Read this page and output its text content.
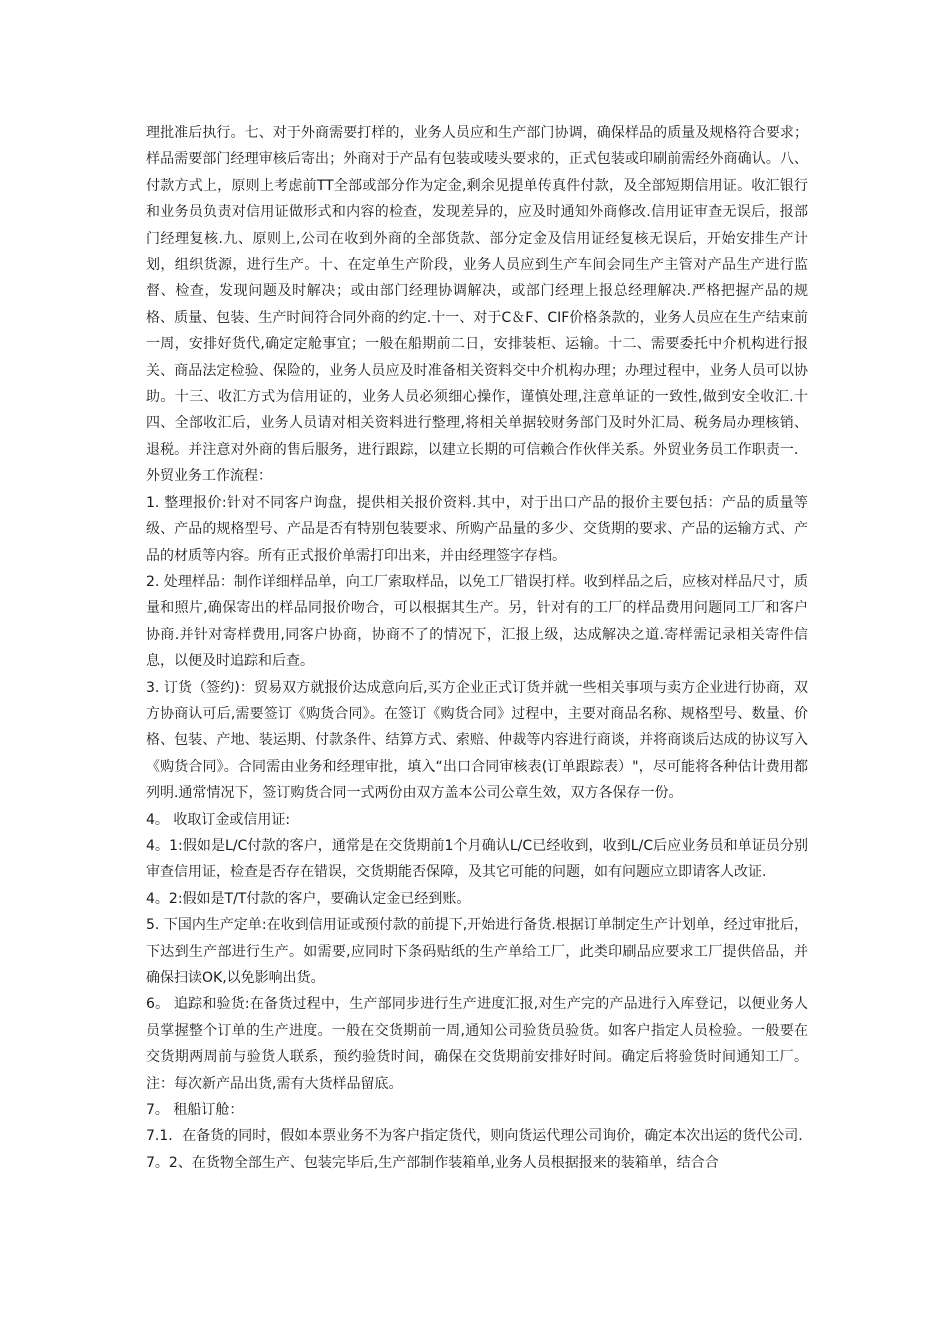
理批准后执行。七、对于外商需要打样的，业务人员应和生产部门协调，确保样品的质量及规格符合要求；样品需要部门经理审核后寄出；外商对于产品有包装或唛头要求的，正式包装或印刷前需经外商确认。八、付款方式上，原则上考虑前TT全部或部分作为定金,剩余见提单传真件付款，及全部短期信用证。收汇银行和业务员负责对信用证做形式和内容的检查，发现差异的，应及时通知外商修改.信用证审查无误后，报部门经理复核.九、原则上,公司在收到外商的全部货款、部分定金及信用证经复核无误后，开始安排生产计划，组织货源，进行生产。十、在定单生产阶段，业务人员应到生产车间会同生产主管对产品生产进行监督、检查，发现问题及时解决；或由部门经理协调解决，或部门经理上报总经理解决.严格把握产品的规格、质量、包装、生产时间符合同外商的约定.十一、对于C＆F、CIF价格条款的，业务人员应在生产结束前一周，安排好货代,确定定舱事宜；一般在船期前二日，安排装柜、运输。十二、需要委托中介机构进行报关、商品法定检验、保险的，业务人员应及时准备相关资料交中介机构办理；办理过程中，业务人员可以协助。十三、收汇方式为信用证的，业务人员必须细心操作，谨慎处理,注意单证的一致性,做到安全收汇.十四、全部收汇后，业务人员请对相关资料进行整理,将相关单据较财务部门及时外汇局、税务局办理核销、退税。并注意对外商的售后服务，进行跟踪，以建立长期的可信赖合作伙伴关系。外贸业务员工作职责一．外贸业务工作流程：

1. 整理报价:针对不同客户询盘，提供相关报价资料.其中，对于出口产品的报价主要包括：产品的质量等级、产品的规格型号、产品是否有特别包装要求、所购产品量的多少、交货期的要求、产品的运输方式、产品的材质等内容。所有正式报价单需打印出来，并由经理签字存档。

2. 处理样品：制作详细样品单，向工厂索取样品，以免工厂错误打样。收到样品之后，应核对样品尺寸，质量和照片,确保寄出的样品同报价吻合，可以根据其生产。另，针对有的工厂的样品费用问题同工厂和客户协商.并针对寄样费用,同客户协商，协商不了的情况下，汇报上级，达成解决之道.寄样需记录相关寄件信息，以便及时追踪和后查。

3. 订货（签约)：贸易双方就报价达成意向后,买方企业正式订货并就一些相关事项与卖方企业进行协商，双方协商认可后,需要签订《购货合同》。在签订《购货合同》过程中，主要对商品名称、规格型号、数量、价格、包装、产地、装运期、付款条件、结算方式、索赔、仲裁等内容进行商谈，并将商谈后达成的协议写入《购货合同》。合同需由业务和经理审批，填入“出口合同审核表(订单跟踪表）"，尽可能将各种估计费用都列明.通常情况下，签订购货合同一式两份由双方盖本公司公章生效，双方各保存一份。

4。 收取订金或信用证:

4。1:假如是L/C付款的客户，通常是在交货期前1个月确认L/C已经收到，收到L/C后应业务员和单证员分别审查信用证，检查是否存在错误，交货期能否保障，及其它可能的问题，如有问题应立即请客人改证.

4。2:假如是T/T付款的客户，要确认定金已经到账。

5. 下国内生产定单:在收到信用证或预付款的前提下,开始进行备货.根据订单制定生产计划单，经过审批后，下达到生产部进行生产。如需要,应同时下条码贴纸的生产单给工厂，此类印刷品应要求工厂提供倍品，并确保扫读OK,以免影响出货。

6。 追踪和验货:在备货过程中，生产部同步进行生产进度汇报,对生产完的产品进行入库登记，以便业务人员掌握整个订单的生产进度。一般在交货期前一周,通知公司验货员验货。如客户指定人员检验。一般要在交货期两周前与验货人联系，预约验货时间，确保在交货期前安排好时间。确定后将验货时间通知工厂。注：每次新产品出货,需有大货样品留底。

7。 租船订舱：

7.1．在备货的同时，假如本票业务不为客户指定货代，则向货运代理公司询价，确定本次出运的货代公司.

7。2、在货物全部生产、包装完毕后,生产部制作装箱单,业务人员根据报来的装箱单，结合合
